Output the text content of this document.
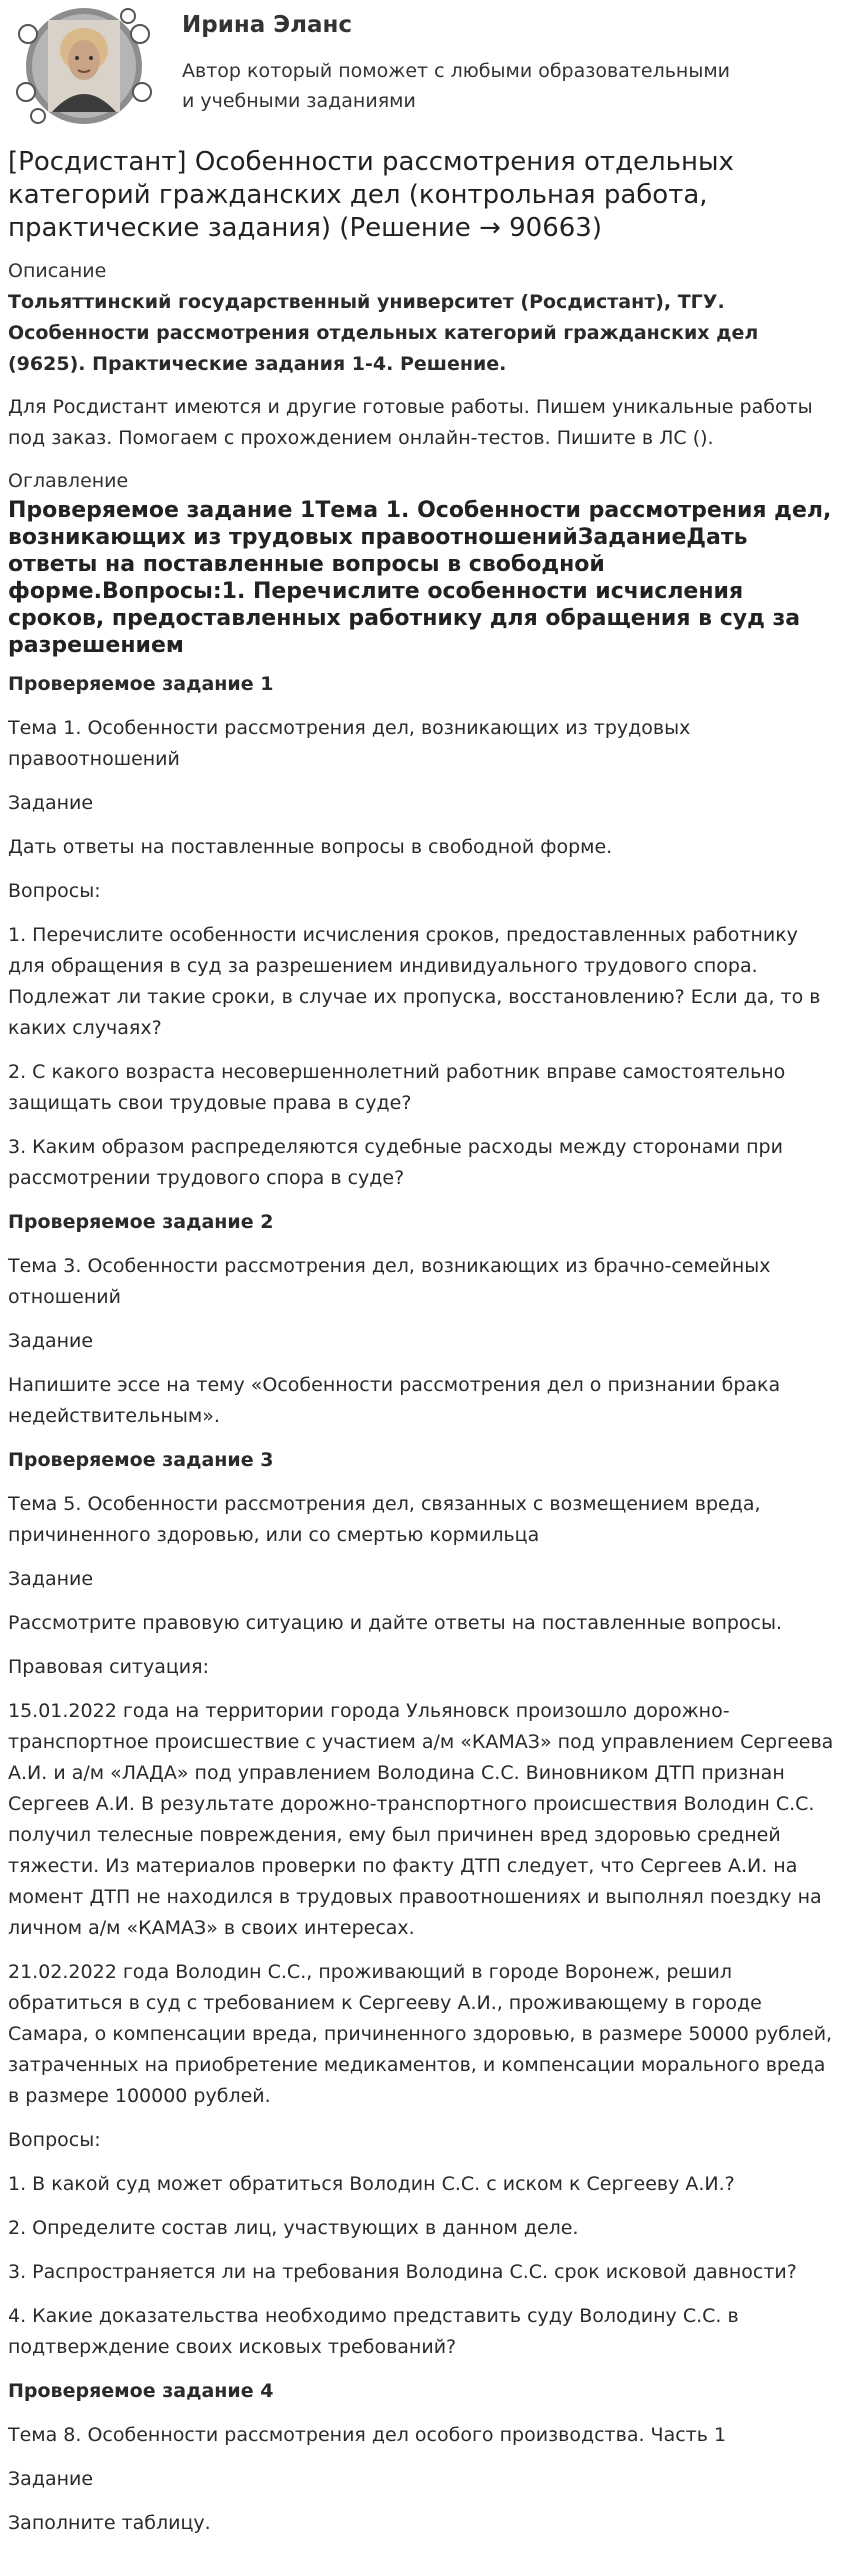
Ирина Эланс
Автор который поможет с любыми образовательными и учебными заданиями
[Росдистант] Особенности рассмотрения отдельных категорий гражданских дел (контрольная работа, практические задания) (Решение → 90663)
Описание
Тольяттинский государственный университет (Росдистант), ТГУ. Особенности рассмотрения отдельных категорий гражданских дел (9625). Практические задания 1-4. Решение.

Для Росдистант имеются и другие готовые работы. Пишем уникальные работы под заказ. Помогаем с прохождением онлайн-тестов. Пишите в ЛС ().

Оглавление
Проверяемое задание 1Тема 1. Особенности рассмотрения дел, возникающих из трудовых правоотношенийЗаданиеДать ответы на поставленные вопросы в свободной форме.Вопросы:1. Перечислите особенности исчисления сроков, предоставленных работнику для обращения в суд за разрешением

Проверяемое задание 1

Тема 1. Особенности рассмотрения дел, возникающих из трудовых правоотношений

Задание

Дать ответы на поставленные вопросы в свободной форме.

Вопросы:

1. Перечислите особенности исчисления сроков, предоставленных работнику для обращения в суд за разрешением индивидуального трудового спора. Подлежат ли такие сроки, в случае их пропуска, восстановлению? Если да, то в каких случаях?

2. С какого возраста несовершеннолетний работник вправе самостоятельно защищать свои трудовые права в суде?

3. Каким образом распределяются судебные расходы между сторонами при рассмотрении трудового спора в суде?

Проверяемое задание 2

Тема 3. Особенности рассмотрения дел, возникающих из брачно-семейных отношений

Задание

Напишите эссе на тему «Особенности рассмотрения дел о признании брака недействительным».

Проверяемое задание 3

Тема 5. Особенности рассмотрения дел, связанных с возмещением вреда, причиненного здоровью, или со смертью кормильца

Задание

Рассмотрите правовую ситуацию и дайте ответы на поставленные вопросы.

Правовая ситуация:

15.01.2022 года на территории города Ульяновск произошло дорожно-транспортное происшествие с участием а/м «КАМАЗ» под управлением Сергеева А.И. и а/м «ЛАДА» под управлением Володина С.С. Виновником ДТП признан Сергеев А.И. В результате дорожно-транспортного происшествия Володин С.С. получил телесные повреждения, ему был причинен вред здоровью средней тяжести. Из материалов проверки по факту ДТП следует, что Сергеев А.И. на момент ДТП не находился в трудовых правоотношениях и выполнял поездку на личном а/м «КАМАЗ» в своих интересах.

21.02.2022 года Володин С.С., проживающий в городе Воронеж, решил обратиться в суд с требованием к Сергееву А.И., проживающему в городе Самара, о компенсации вреда, причиненного здоровью, в размере 50000 рублей, затраченных на приобретение медикаментов, и компенсации морального вреда в размере 100000 рублей.

Вопросы:

1. В какой суд может обратиться Володин С.С. с иском к Сергееву А.И.?

2. Определите состав лиц, участвующих в данном деле.

3. Распространяется ли на требования Володина С.С. срок исковой давности?

4. Какие доказательства необходимо представить суду Володину С.С. в подтверждение своих исковых требований?

Проверяемое задание 4

Тема 8. Особенности рассмотрения дел особого производства. Часть 1

Задание

Заполните таблицу.
